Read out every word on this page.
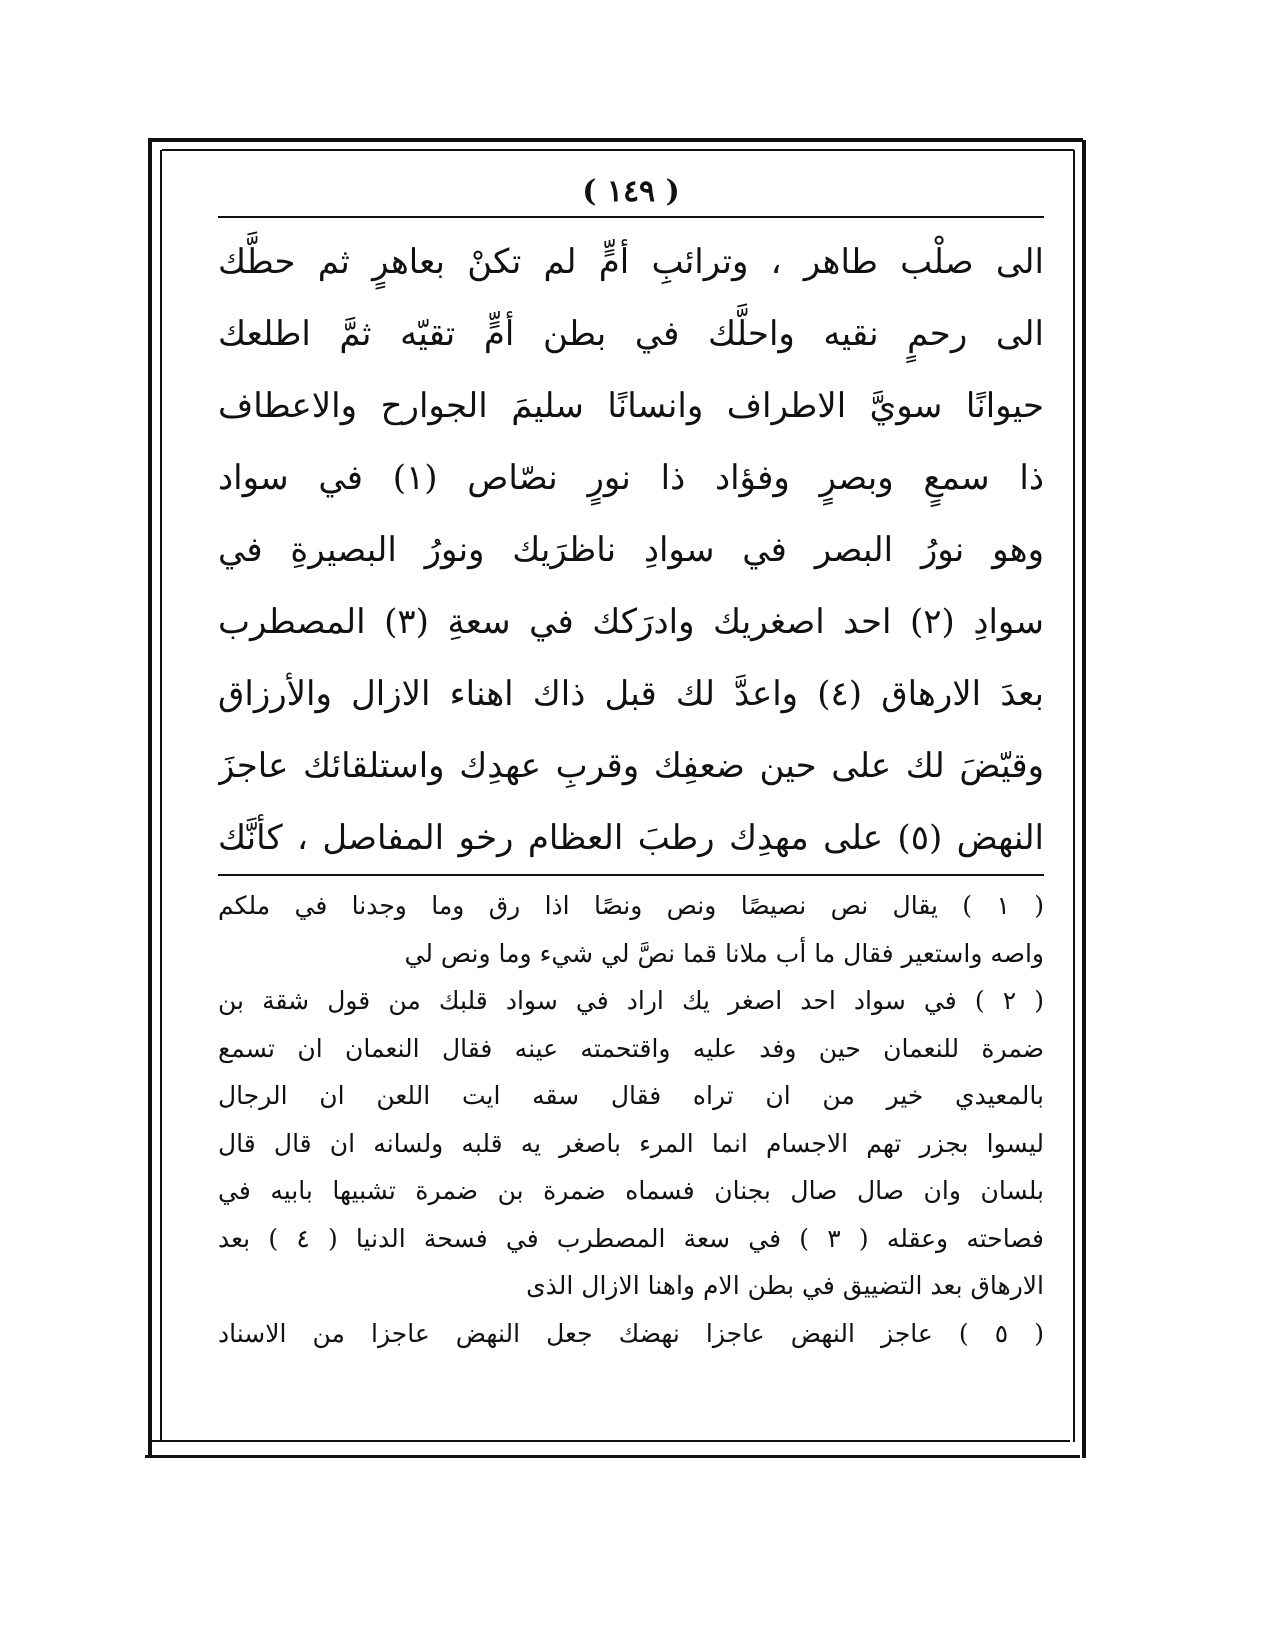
( ١٤٩ )
الى صلْب طاهر ، وترائبِ أمٍّ لم تكنْ بعاهرٍ ثم حطَّك
الى رحمٍ نقيه واحلَّك في بطن أمٍّ تقيّه ثمَّ اطلعك
حيوانًا سويَّ الاطراف وانسانًا سليمَ الجوارح والاعطاف
ذا سمعٍ وبصرٍ وفؤاد ذا نورٍ نصّاص (١) في سواد
وهو نورُ البصر في سوادِ ناظرَيك ونورُ البصيرةِ في
سوادِ (٢) احد اصغريك وادرَكك في سعةِ (٣) المصطرب
بعدَ الارهاق (٤) واعدَّ لك قبل ذاك اهناء الازال والأرزاق
وقيّضَ لك على حين ضعفِك وقربِ عهدِك واستلقائك عاجزَ
النهض (٥) على مهدِك رطبَ العظام رخو المفاصل ، كأنَّك
( ١ ) يقال نص نصيصًا ونص ونصًا اذا رق وما وجدنا في ملكم
واصه واستعير فقال ما أب ملانا قما نصَّ لي شيء وما ونص لي
( ٢ ) في سواد احد اصغر يك اراد في سواد قلبك من قول شقة بن
ضمرة للنعمان حين وفد عليه واقتحمته عينه فقال النعمان ان تسمع
بالمعيدي خير من ان تراه فقال سقه ايت اللعن ان الرجال
ليسوا بجزر تهم الاجسام انما المرء باصغر يه قلبه ولسانه ان قال قال
بلسان وان صال صال بجنان فسماه ضمرة بن ضمرة تشبيها بابيه في
فصاحته وعقله ( ٣ ) في سعة المصطرب في فسحة الدنيا ( ٤ ) بعد
الارهاق بعد التضييق في بطن الام واهنا الازال الذى
( ٥ ) عاجز النهض عاجزا نهضك جعل النهض عاجزا من الاسناد
